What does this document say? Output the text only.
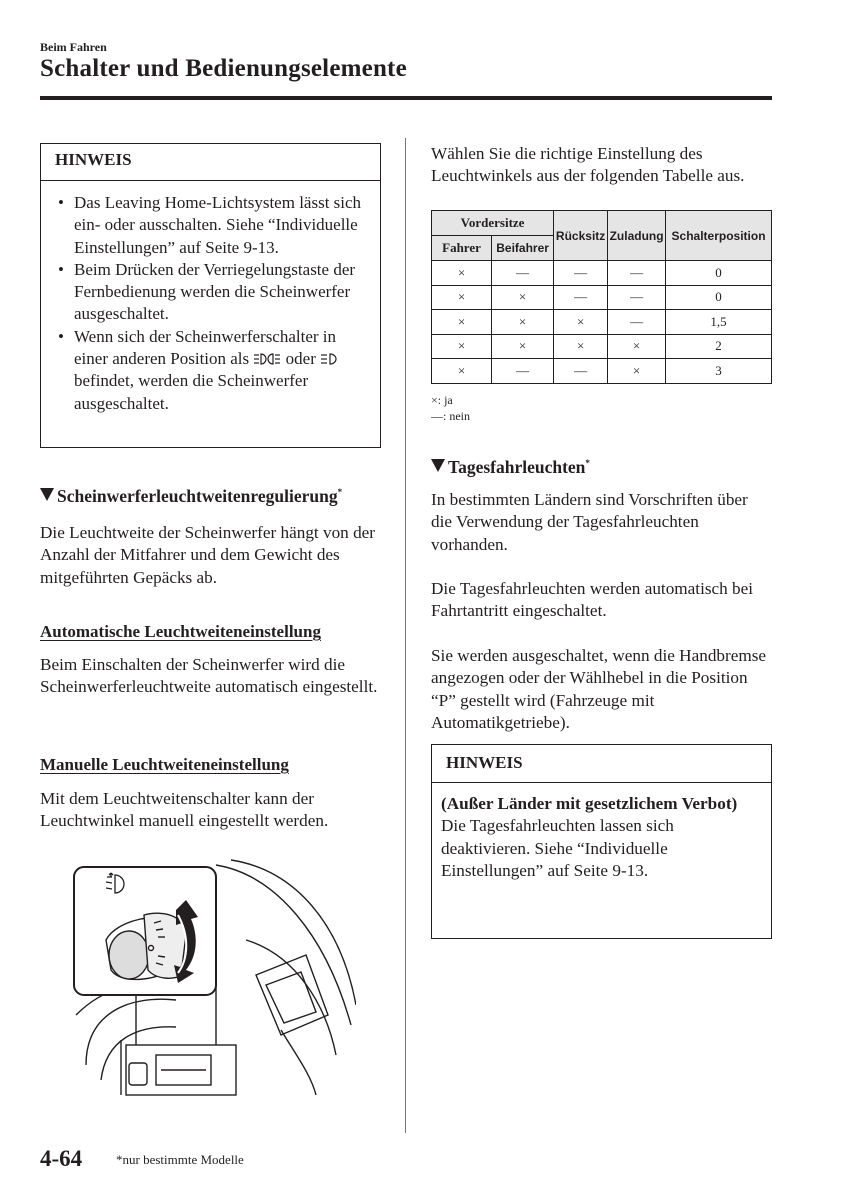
Beim Fahren
Schalter und Bedienungselemente
HINWEIS
• Das Leaving Home-Lichtsystem lässt sich ein- oder ausschalten. Siehe “Individuelle Einstellungen” auf Seite 9-13.
• Beim Drücken der Verriegelungstaste der Fernbedienung werden die Scheinwerfer ausgeschaltet.
• Wenn sich der Scheinwerferschalter in einer anderen Position als oder  befindet, werden die Scheinwerfer ausgeschaltet.
Scheinwerferleuchtweitenregulierung*
Die Leuchtweite der Scheinwerfer hängt von der Anzahl der Mitfahrer und dem Gewicht des mitgeführten Gepäcks ab.
Automatische Leuchtweiteneinstellung
Beim Einschalten der Scheinwerfer wird die Scheinwerferleuchtweite automatisch eingestellt.
Manuelle Leuchtweiteneinstellung
Mit dem Leuchtweitenschalter kann der Leuchtwinkel manuell eingestellt werden.
Wählen Sie die richtige Einstellung des Leuchtwinkels aus der folgenden Tabelle aus.
Vordersitze		Rücksitz	Zuladung	Schalterposition
Fahrer	Beifahrer			
×	—	—	—	0
×	×	—	—	0
×	×	×	—	1,5
×	×	×	×	2
×	—	—	×	3
×: ja
—: nein
Tagesfahrleuchten*
In bestimmten Ländern sind Vorschriften über die Verwendung der Tagesfahrleuchten vorhanden.
Die Tagesfahrleuchten werden automatisch bei Fahrtantritt eingeschaltet.
Sie werden ausgeschaltet, wenn die Handbremse angezogen oder der Wählhebel in die Position “P” gestellt wird (Fahrzeuge mit Automatikgetriebe).
HINWEIS
(Außer Länder mit gesetzlichem Verbot)
Die Tagesfahrleuchten lassen sich deaktivieren. Siehe “Individuelle Einstellungen” auf Seite 9-13.
4-64	*nur bestimmte Modelle
